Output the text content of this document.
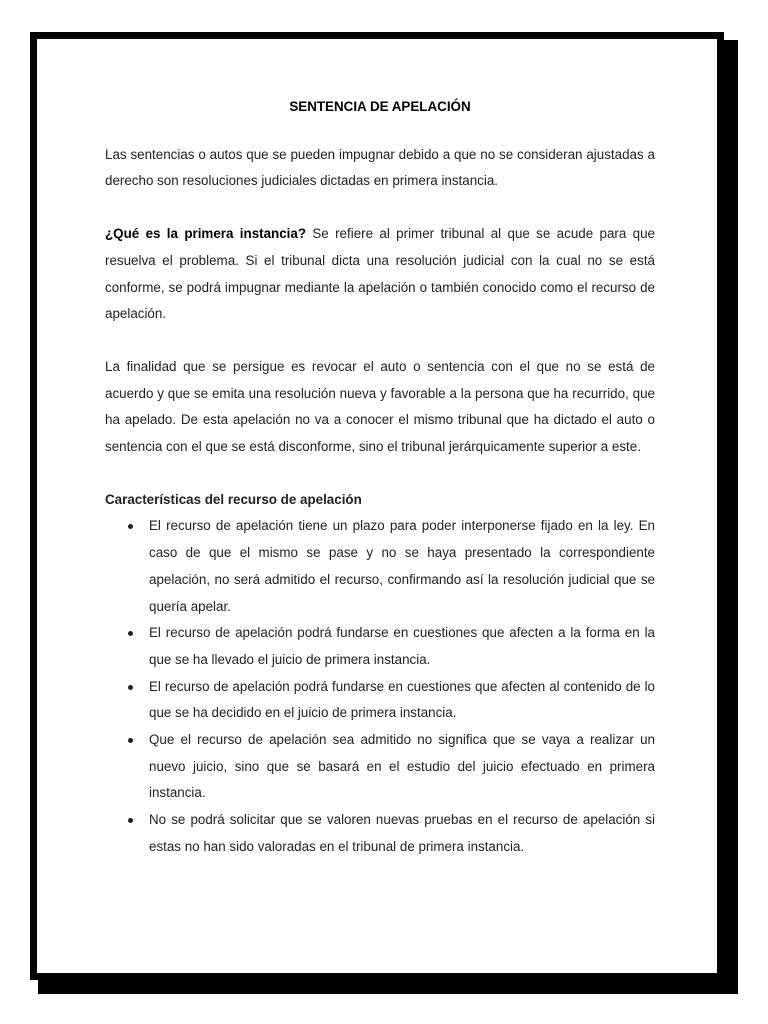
SENTENCIA DE APELACIÓN

Las sentencias o autos que se pueden impugnar debido a que no se consideran ajustadas a derecho son resoluciones judiciales dictadas en primera instancia.

¿Qué es la primera instancia? Se refiere al primer tribunal al que se acude para que resuelva el problema. Si el tribunal dicta una resolución judicial con la cual no se está conforme, se podrá impugnar mediante la apelación o también conocido como el recurso de apelación.

La finalidad que se persigue es revocar el auto o sentencia con el que no se está de acuerdo y que se emita una resolución nueva y favorable a la persona que ha recurrido, que ha apelado. De esta apelación no va a conocer el mismo tribunal que ha dictado el auto o sentencia con el que se está disconforme, sino el tribunal jerárquicamente superior a este.

Características del recurso de apelación
El recurso de apelación tiene un plazo para poder interponerse fijado en la ley. En caso de que el mismo se pase y no se haya presentado la correspondiente apelación, no será admitido el recurso, confirmando así la resolución judicial que se quería apelar.
El recurso de apelación podrá fundarse en cuestiones que afecten a la forma en la que se ha llevado el juicio de primera instancia.
El recurso de apelación podrá fundarse en cuestiones que afecten al contenido de lo que se ha decidido en el juicio de primera instancia.
Que el recurso de apelación sea admitido no significa que se vaya a realizar un nuevo juicio, sino que se basará en el estudio del juicio efectuado en primera instancia.
No se podrá solicitar que se valoren nuevas pruebas en el recurso de apelación si estas no han sido valoradas en el tribunal de primera instancia.
